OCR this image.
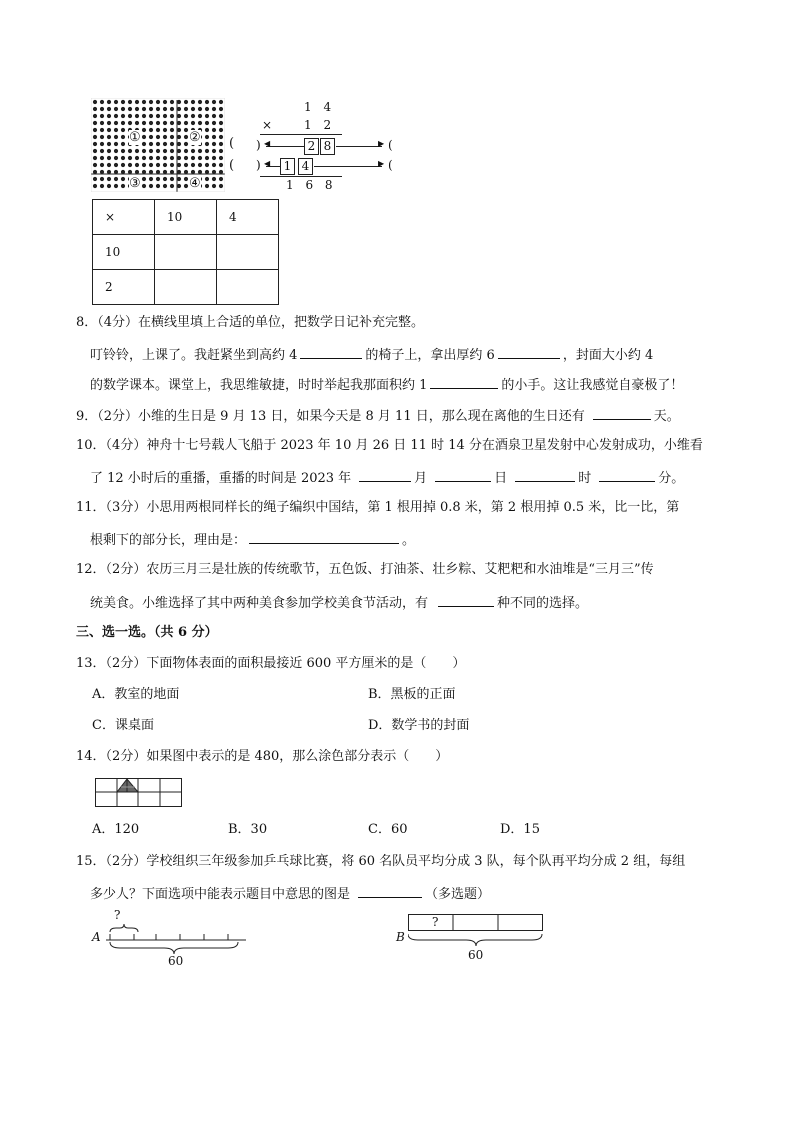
①	②
③	④
(
(
1 4
×	1 2
) ◀	2 8	▶ (
) ◀	1 4	▶ (
1 6 8
×	10	4
10		
2		
8．（4分）在横线里填上合适的单位，把数学日记补充完整。
叮铃铃，上课了。我赶紧坐到高约 4	的椅子上，拿出厚约 6	，封面大小约 4
的数学课本。课堂上，我思维敏捷，时时举起我那面积约 1	的小手。这让我感觉自豪极了！
9．（2分）小维的生日是 9 月 13 日，如果今天是 8 月 11 日，那么现在离他的生日还有	天。
10．（4分）神舟十七号载人飞船于 2023 年 10 月 26 日 11 时 14 分在酒泉卫星发射中心发射成功，小维看
了 12 小时后的重播，重播的时间是 2023 年	月	日	时	分。
11．（3分）小思用两根同样长的绳子编织中国结，第 1 根用掉 0.8 米，第 2 根用掉 0.5 米，比一比，第
根剩下的部分长，理由是：	。
12．（2分）农历三月三是壮族的传统歌节，五色饭、打油茶、壮乡粽、艾粑粑和水油堆是“三月三”传
统美食。小维选择了其中两种美食参加学校美食节活动，有	种不同的选择。
三、选一选。（共 6 分）
13．（2分）下面物体表面的面积最接近 600 平方厘米的是（　　）
A．教室的地面	B．黑板的正面
C．课桌面	D．数学书的封面
14．（2分）如果图中表示的是 480，那么涂色部分表示（　　）
A．120	B．30	C．60	D．15
15．（2分）学校组织三年级参加乒乓球比赛，将 60 名队员平均分成 3 队，每个队再平均分成 2 组，每组
多少人？下面选项中能表示题目中意思的图是	（多选题）
A
?
60
B
?
60
